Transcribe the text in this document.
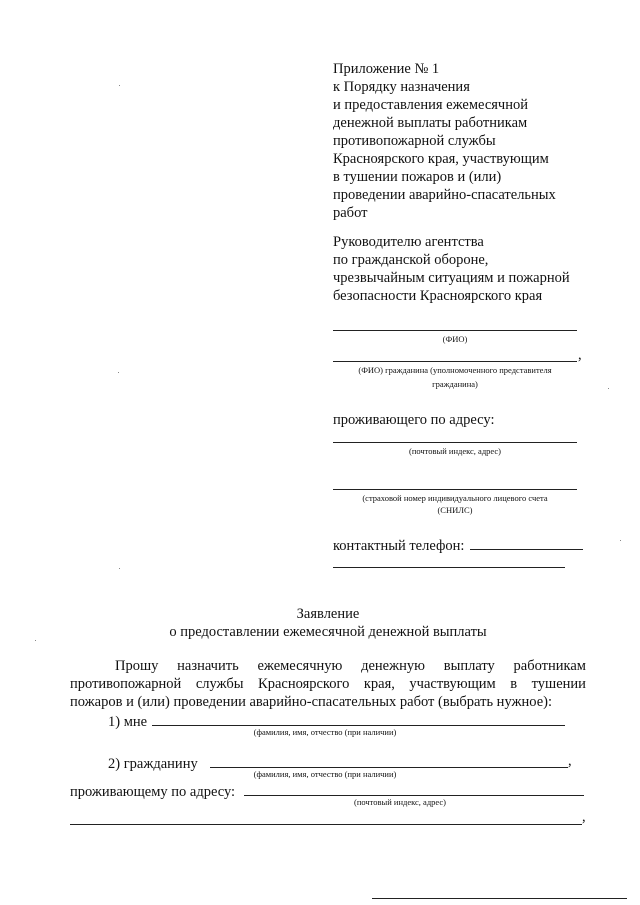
Приложение № 1
к Порядку назначения
и предоставления ежемесячной
денежной выплаты работникам
противопожарной службы
Красноярского края, участвующим
в тушении пожаров и (или)
проведении аварийно-спасательных
работ
Руководителю агентства
по гражданской обороне,
чрезвычайным ситуациям и пожарной
безопасности Красноярского края
(ФИО)
,
(ФИО) гражданина (уполномоченного представителя
гражданина)
проживающего по адресу:
(почтовый индекс, адрес)
(страховой номер индивидуального лицевого счета
(СНИЛС)
контактный телефон:
Заявление
о предоставлении ежемесячной денежной выплаты
Прошу назначить ежемесячную денежную выплату работникам
противопожарной службы Красноярского края, участвующим в тушении
пожаров и (или) проведении аварийно-спасательных работ (выбрать нужное):
1) мне
(фамилия, имя, отчество (при наличии)
2) гражданину	,
(фамилия, имя, отчество (при наличии)
проживающему по адресу:
(почтовый индекс, адрес)
,
